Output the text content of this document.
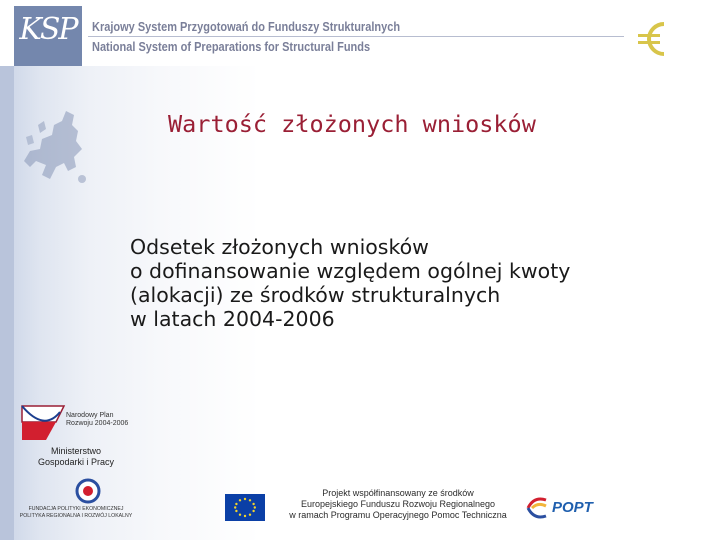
KSP	Krajowy System Przygotowań do Funduszy Strukturalnych
National System of Preparations for Structural Funds
Wartość złożonych wniosków
Odsetek złożonych wniosków
o dofinansowanie względem ogólnej kwoty
(alokacji) ze środków strukturalnych
w latach 2004-2006
Narodowy Plan
Rozwoju 2004-2006
Ministerstwo
Gospodarki i Pracy
FUNDACJA POLITYKI EKONOMICZNEJ
POLITYKA REGIONALNA I ROZWÓJ LOKALNY
Projekt współfinansowany ze środków
Europejskiego Funduszu Rozwoju Regionalnego
w ramach Programu Operacyjnego Pomoc Techniczna	POPT
